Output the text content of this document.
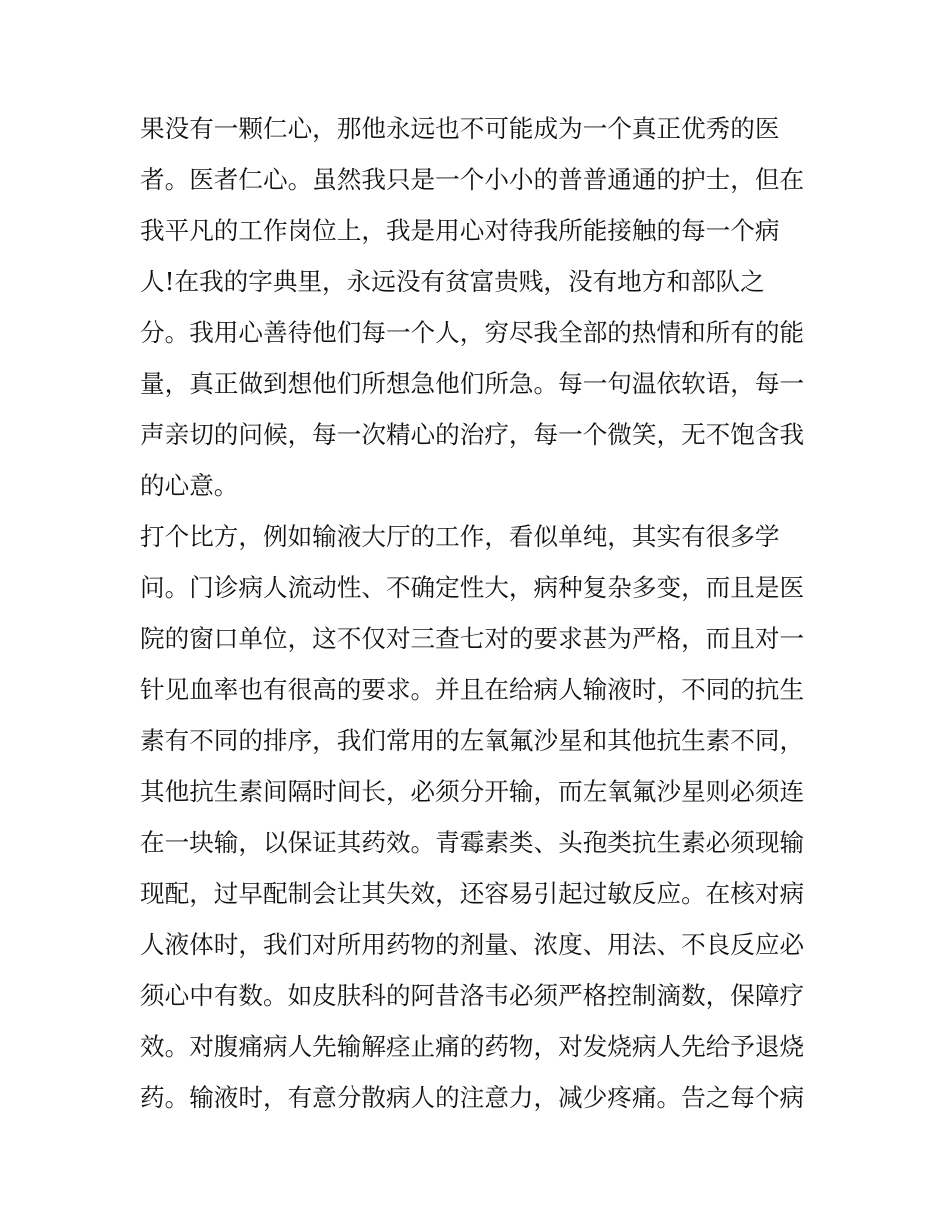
果没有一颗仁心，那他永远也不可能成为一个真正优秀的医
者。医者仁心。虽然我只是一个小小的普普通通的护士，但在
我平凡的工作岗位上，我是用心对待我所能接触的每一个病
人!在我的字典里，永远没有贫富贵贱，没有地方和部队之
分。我用心善待他们每一个人，穷尽我全部的热情和所有的能
量，真正做到想他们所想急他们所急。每一句温依软语，每一
声亲切的问候，每一次精心的治疗，每一个微笑，无不饱含我
的心意。
打个比方，例如输液大厅的工作，看似单纯，其实有很多学
问。门诊病人流动性、不确定性大，病种复杂多变，而且是医
院的窗口单位，这不仅对三查七对的要求甚为严格，而且对一
针见血率也有很高的要求。并且在给病人输液时，不同的抗生
素有不同的排序，我们常用的左氧氟沙星和其他抗生素不同，
其他抗生素间隔时间长，必须分开输，而左氧氟沙星则必须连
在一块输，以保证其药效。青霉素类、头孢类抗生素必须现输
现配，过早配制会让其失效，还容易引起过敏反应。在核对病
人液体时，我们对所用药物的剂量、浓度、用法、不良反应必
须心中有数。如皮肤科的阿昔洛韦必须严格控制滴数，保障疗
效。对腹痛病人先输解痉止痛的药物，对发烧病人先给予退烧
药。输液时，有意分散病人的注意力，减少疼痛。告之每个病
